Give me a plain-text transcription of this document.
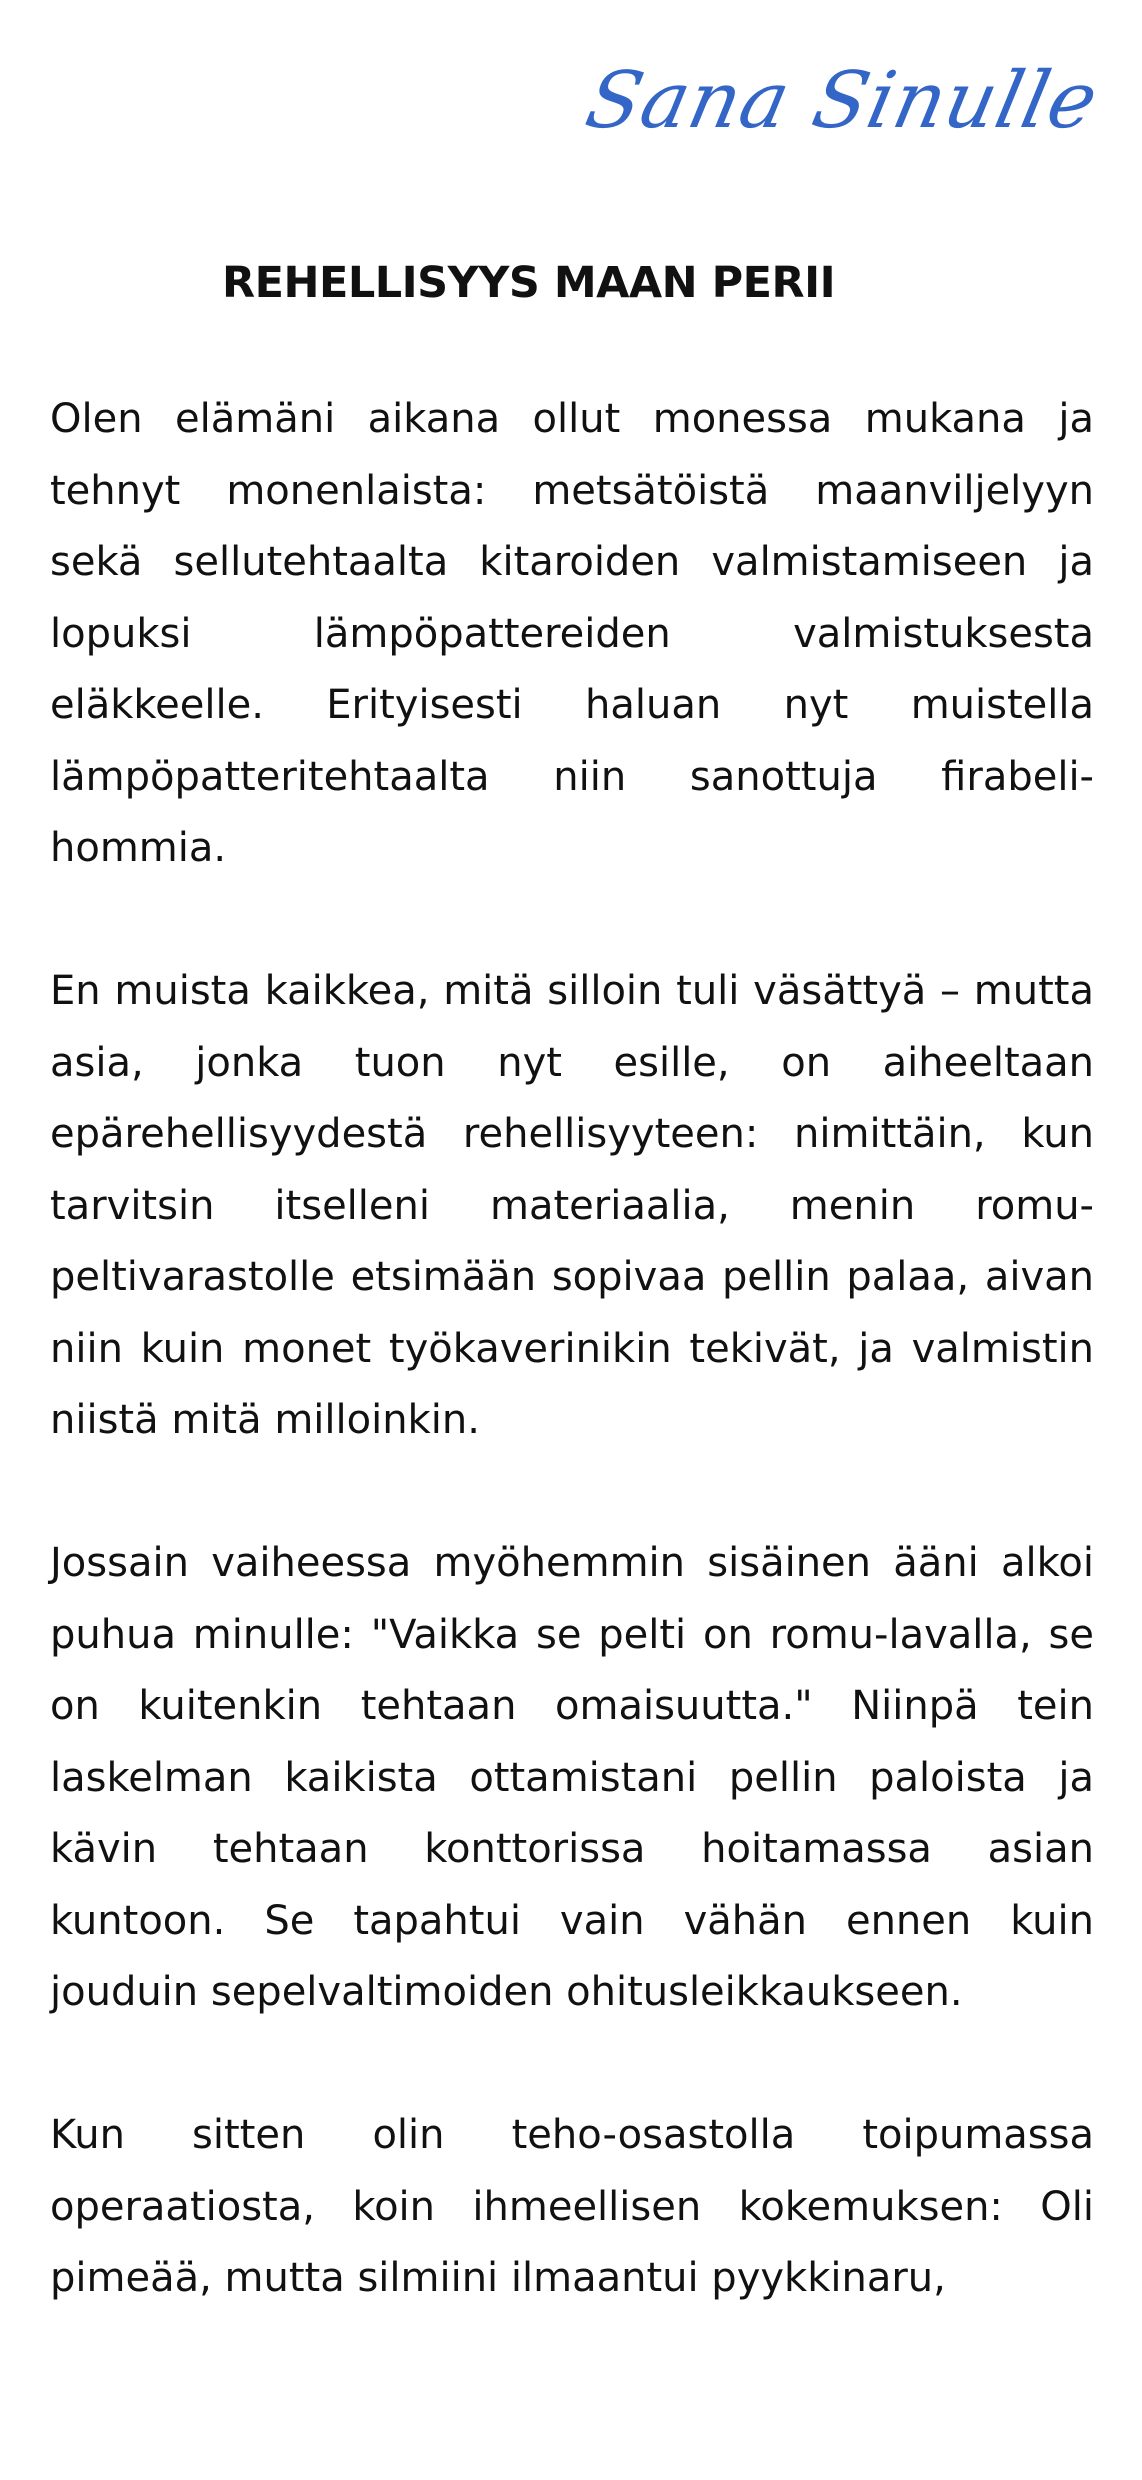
Sana Sinulle
REHELLISYYS MAAN PERII

Olen elämäni aikana ollut monessa mukana ja tehnyt monenlaista: metsätöistä maanviljelyyn sekä sellutehtaalta kitaroiden valmistamiseen ja lopuksi lämpöpattereiden valmistuksesta eläkkeelle. Erityisesti haluan nyt muistella lämpöpatteritehtaalta niin sanottuja firabeli-hommia.

En muista kaikkea, mitä silloin tuli väsättyä – mutta asia, jonka tuon nyt esille, on aiheeltaan epärehellisyydestä rehellisyyteen: nimittäin, kun tarvitsin itselleni materiaalia, menin romu-peltivarastolle etsimään sopivaa pellin palaa, aivan niin kuin monet työkaverinikin tekivät, ja valmistin niistä mitä milloinkin.

Jossain vaiheessa myöhemmin sisäinen ääni alkoi puhua minulle: "Vaikka se pelti on romu-lavalla, se on kuitenkin tehtaan omaisuutta." Niinpä tein laskelman kaikista ottamistani pellin paloista ja kävin tehtaan konttorissa hoitamassa asian kuntoon. Se tapahtui vain vähän ennen kuin jouduin sepelvaltimoiden ohitusleikkaukseen.

Kun sitten olin teho-osastolla toipumassa operaatiosta, koin ihmeellisen kokemuksen: Oli pimeää, mutta silmiini ilmaantui pyykkinaru,
